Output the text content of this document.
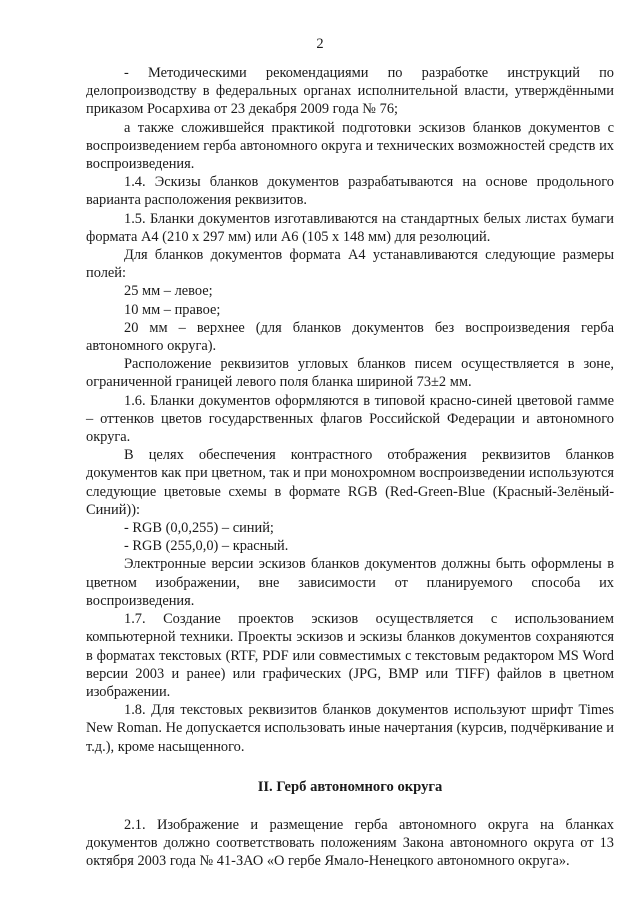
2

- Методическими рекомендациями по разработке инструкций по делопроизводству в федеральных органах исполнительной власти, утверждёнными приказом Росархива от 23 декабря 2009 года № 76;

а также сложившейся практикой подготовки эскизов бланков документов с воспроизведением герба автономного округа и технических возможностей средств их воспроизведения.

1.4. Эскизы бланков документов разрабатываются на основе продольного варианта расположения реквизитов.

1.5. Бланки документов изготавливаются на стандартных белых листах бумаги формата А4 (210 х 297 мм) или А6 (105 х 148 мм) для резолюций.

Для бланков документов формата А4 устанавливаются следующие размеры полей:

25 мм – левое;

10 мм – правое;

20 мм – верхнее (для бланков документов без воспроизведения герба автономного округа).

Расположение реквизитов угловых бланков писем осуществляется в зоне, ограниченной границей левого поля бланка шириной 73±2 мм.

1.6. Бланки документов оформляются в типовой красно-синей цветовой гамме – оттенков цветов государственных флагов Российской Федерации и автономного округа.

В целях обеспечения контрастного отображения реквизитов бланков документов как при цветном, так и при монохромном воспроизведении используются следующие цветовые схемы в формате RGB (Red-Green-Blue (Красный-Зелёный-Синий)):

- RGB (0,0,255) – синий;

- RGB (255,0,0) – красный.

Электронные версии эскизов бланков документов должны быть оформлены в цветном изображении, вне зависимости от планируемого способа их воспроизведения.

1.7. Создание проектов эскизов осуществляется с использованием компьютерной техники. Проекты эскизов и эскизы бланков документов сохраняются в форматах текстовых (RTF, PDF или совместимых с текстовым редактором MS Word версии 2003 и ранее) или графических (JPG, BMP или TIFF) файлов в цветном изображении.

1.8. Для текстовых реквизитов бланков документов используют шрифт Times New Roman. Не допускается использовать иные начертания (курсив, подчёркивание и т.д.), кроме насыщенного.

II. Герб автономного округа

2.1. Изображение и размещение герба автономного округа на бланках документов должно соответствовать положениям Закона автономного округа от 13 октября 2003 года № 41-ЗАО «О гербе Ямало-Ненецкого автономного округа».
